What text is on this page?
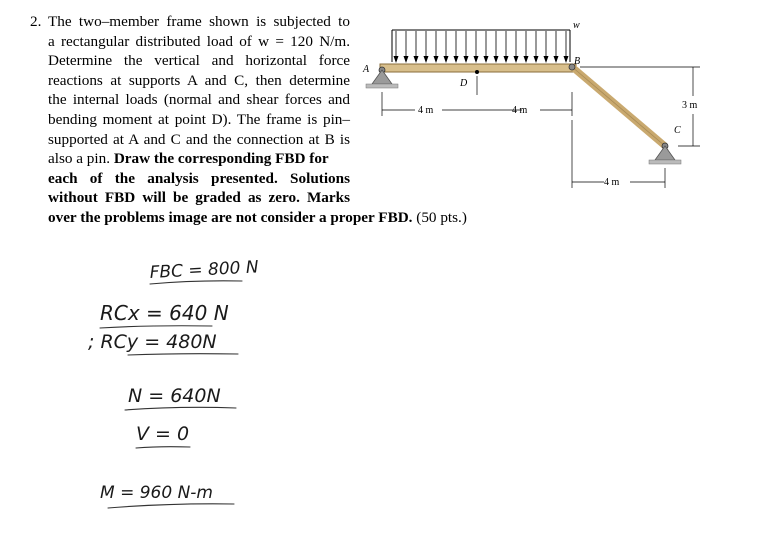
2. The two–member frame shown is subjected to
a rectangular distributed load of w = 120 N/m.
Determine the vertical and horizontal force
reactions at supports A and C, then determine
the internal loads (normal and shear forces and
bending moment at point D). The frame is pin–
supported at A and C and the connection at B is
also a pin. Draw the corresponding FBD for
each of the analysis presented. Solutions
without FBD will be graded as zero. Marks
over the problems image are not consider a proper FBD. (50 pts.)

w
B
A
D
C
4 m	4 m	3 m
4 m
FBC = 800 N
RCx = 640 N
; RCy = 480N
N = 640N
V = 0
M = 960 N-m
